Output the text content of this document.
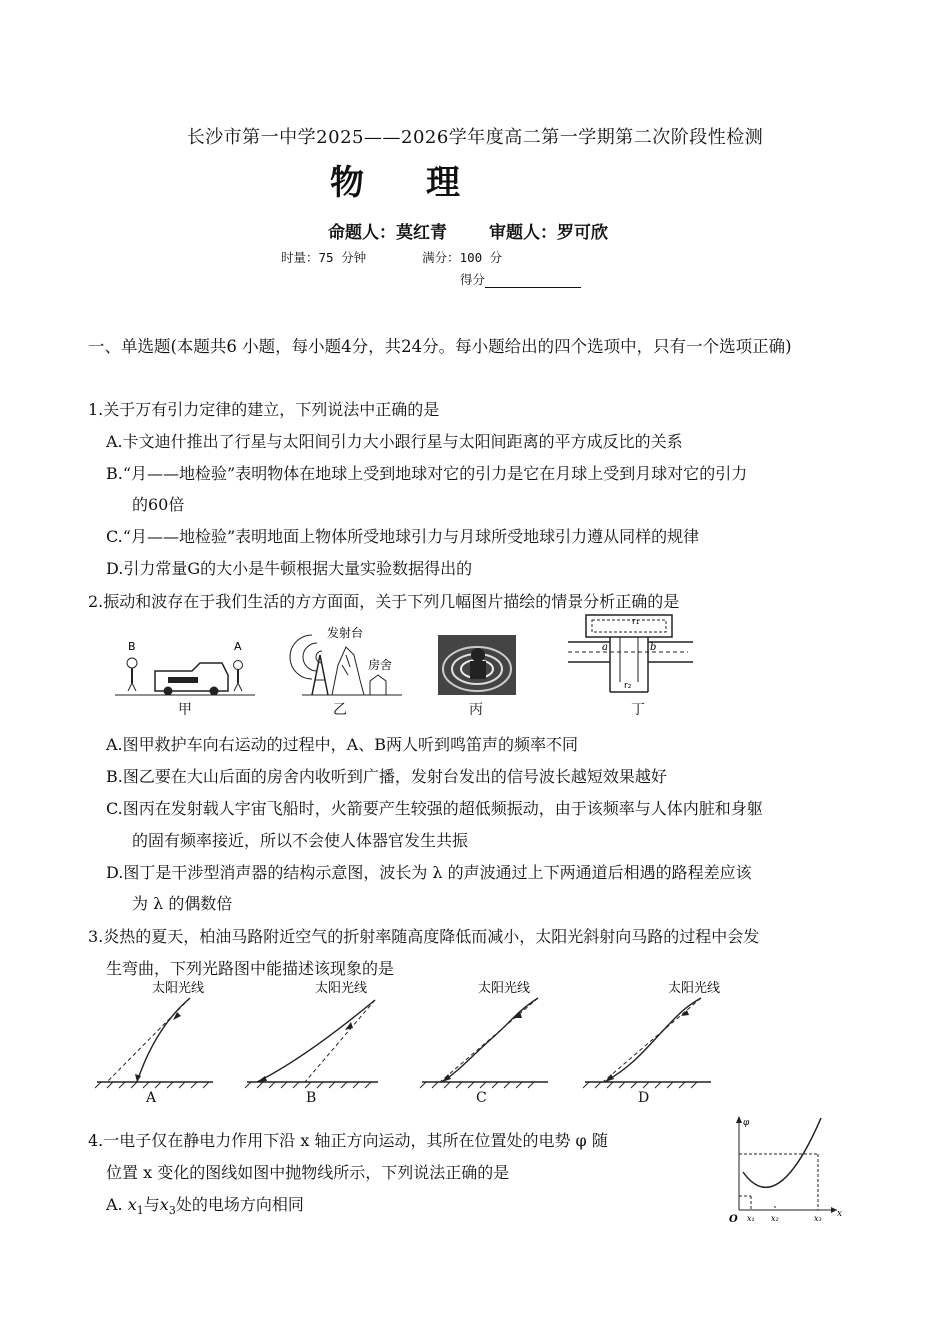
长沙市第一中学2025——2026学年度高二第一学期第二次阶段性检测
物理
命题人：莫红青 审题人：罗可欣
时量：75 分钟	满分：100 分
得分
一、单选题(本题共6 小题，每小题4分，共24分。每小题给出的四个选项中，只有一个选项正确)
1.关于万有引力定律的建立，下列说法中正确的是
A.卡文迪什推出了行星与太阳间引力大小跟行星与太阳间距离的平方成反比的关系
B.“月——地检验”表明物体在地球上受到地球对它的引力是它在月球上受到月球对它的引力
的60倍
C.“月——地检验”表明地面上物体所受地球引力与月球所受地球引力遵从同样的规律
D.引力常量G的大小是牛顿根据大量实验数据得出的
2.振动和波存在于我们生活的方方面面，关于下列几幅图片描绘的情景分析正确的是
B	A
甲
发射台
房舍
乙	丙
r₁
a	b
r₂
丁
A.图甲救护车向右运动的过程中，A、B两人听到鸣笛声的频率不同
B.图乙要在大山后面的房舍内收听到广播，发射台发出的信号波长越短效果越好
C.图丙在发射载人宇宙飞船时，火箭要产生较强的超低频振动，由于该频率与人体内脏和身躯
的固有频率接近，所以不会使人体器官发生共振
D.图丁是干涉型消声器的结构示意图，波长为 λ 的声波通过上下两通道后相遇的路程差应该
为 λ 的偶数倍
3.炎热的夏天，柏油马路附近空气的折射率随高度降低而减小，太阳光斜射向马路的过程中会发
生弯曲，下列光路图中能描述该现象的是
太阳光线
A
太阳光线
B
太阳光线
C
太阳光线
D
4.一电子仅在静电力作用下沿 x 轴正方向运动，其所在位置处的电势 φ 随
位置 x 变化的图线如图中抛物线所示，下列说法正确的是
A. $x_1$与$x_3$处的电场方向相同
φ
x
O x₁ x₂	x₃
